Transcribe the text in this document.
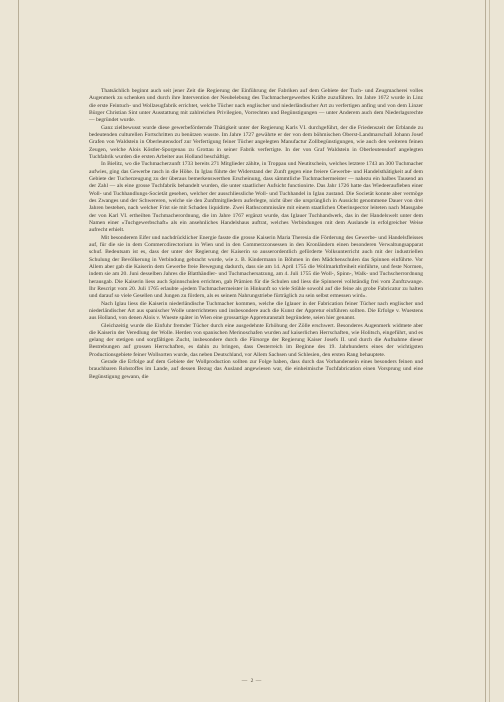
Thatsächlich beginnt auch seit jener Zeit die Regierung der Einführung der Fabriken auf dem Gebiete der Tuch- und Zeugmacherei volles Augenmerk zu schenken und durch ihre Intervention der Neubelebung des Tuchmachergewerbes Kräfte zuzuführen. Im Jahre 1672 wurde in Linz die erste Feintuch- und Wollzeugfabrik errichtet, welche Tücher nach englischer und niederländischer Art zu verfertigen anfing und von dem Linzer Bürger Christian Sint unter Ausstattung mit zahlreichen Privilegien, Vorrechten und Begünstigungen — unter Anderem auch dem Niederlagsrechte — begründet wurde.

Ganz zielbewusst wurde diese gewerbefördernde Thätigkeit unter der Regierung Karls VI. durchgeführt, der die Friedenszeit der Erblande zu bedeutenden culturellen Fortschritten zu benützen wusste. Im Jahre 1727 gewährte er der von dem böhmischen Oberst-Landmarschall Johann Josef Grafen von Waldstein in Oberleutensdorf zur Verfertigung feiner Tücher angelegten Manufactur Zollbegünstigungen, wie auch den weiteren feinen Zeugen, welche Alois Köstler-Sporgenau zu Grottau in seiner Fabrik verfertigte. In der von Graf Waldstein in Oberleutensdorf angelegten Tuchfabrik wurden die ersten Arbeiter aus Holland beschäftigt.

In Bielitz, wo die Tuchmacherzunft 1733 bereits 271 Mitglieder zählte, in Troppau und Neutitschein, welches letztere 1743 an 300 Tuchmacher aufwies, ging das Gewerbe rasch in die Höhe. In Iglau führte der Widerstand der Zunft gegen eine freiere Gewerbe- und Handelsthätigkeit auf dem Gebiete der Tucherzeugung zu der überaus bemerkenswerthen Erscheinung, dass sämmtliche Tuchmachermeister — nahezu ein halbes Tausend an der Zahl — als eine grosse Tuchfabrik behandelt wurden, die unter staatlicher Aufsicht functionirte. Das Jahr 1726 hatte das Wiedeeraufleben einer Woll- und Tuchhandlungs-Societät gesehen, welcher der ausschliessliche Woll- und Tuchhandel in Iglau zustand. Die Societät konnte aber vermöge des Zwanges und der Schwereren, welche sie den Zunftmitgliedern auferlegte, nicht über die ursprünglich in Aussicht genommene Dauer von drei Jahren bestehen, nach welcher Frist sie mit Schaden liquidirte. Zwei Rathscommissäre mit einem staatlichen Oberinspector leiteten nach Massgabe der von Karl VI. ertheilten Tuchmacherordnung, die im Jahre 1767 ergänzt wurde, das Iglauer Tuchhandwerk, das in der Handelswelt unter dem Namen einer »Tuchgewerbschaft« als ein ansehnliches Handelshaus auftrat, welches Verbindungen mit dem Auslande in erfolgreicher Weise aufrecht erhielt.

Mit besonderem Eifer und nachdrücklicher Energie fasste die grosse Kaiserin Maria Theresia die Förderung des Gewerbe- und Handelsfleisses auf, für die sie in dem Commercdirectorium in Wien und in den Commerzconsessen in den Kronländern einen besonderen Verwaltungsapparat schuf. Bedeutsam ist es, dass der unter der Regierung der Kaiserin so ausserordentlich geförderte Volksunterricht auch mit der industriellen Schulung der Bevölkerung in Verbindung gebracht wurde, wie z. B. Kindermann in Böhmen in den Mädchenschulen das Spinnen einführte. Vor Allem aber gab die Kaiserin dem Gewerbe freie Bewegung dadurch, dass sie am 14. April 1755 die Wollmarktfreiheit einführte, und feste Normen, indem sie am 20. Juni desselben Jahres die Blatthändler- und Tuchmachersatzung, am 4. Juli 1755 die Woll-, Spinn-, Walk- und Tuchscherrordnung herausgab. Die Kaiserin liess auch Spinnschulen errichten, gab Prämien für die Schulen und liess die Spinnerei vollständig frei vom Zunftzwange. Ihr Rescript vom 20. Juli 1765 erlaubte »jedem Tuchmachermeister in Hinkunft so viele Stühle sowohl auf die feine als grobe Fabricatur zu halten und darauf so viele Gesellen und Jungen zu fördern, als es seinem Nahrungstriebe fürträglich zu sein selbst ermessen wird«.

Nach Iglau liess die Kaiserin niederländische Tuchmacher kommen, welche die Iglauer in der Fabrication feiner Tücher nach englischer und niederländischer Art aus spanischer Wolle unterrichteten und insbesondere auch die Kunst der Appretur einführen sollten. Die Erfolge v. Wuestens aus Holland, von denen Alois v. Wueste später in Wien eine grossartige Appreturanstalt begründete, seien hier genannt.

Gleichzeitig wurde die Einfuhr fremder Tücher durch eine ausgedehnte Erhöhung der Zölle erschwert. Besonderes Augenmerk widmete aber die Kaiserin der Veredlung der Wolle. Herden von spanischen Merinoschafen wurden auf kaiserlichen Herrschaften, wie Holitsch, eingeführt, und es gelang der stetigen und sorgfältigen Zucht, insbesondere durch die Fürsorge der Regierung Kaiser Josefs II. und durch die Aufnahme dieser Bestrebungen auf grossen Herrschaften, es dahin zu bringen, dass Oesterreich im Beginne des 19. Jahrhunderts eines der wichtigsten Productionsgebiete feiner Wollsorten wurde, das neben Deutschland, vor Allem Sachsen und Schlesien, den ersten Rang behauptete.

Gerade die Erfolge auf dem Gebiete der Wollproduction sollten zur Folge haben, dass durch das Vorhandensein eines besonders feinen und brauchbaren Rohstoffes im Lande, auf dessen Bezug das Ausland angewiesen war, die einheimische Tuchfabrication einen Vorsprung und eine Begünstigung gewann, die

— 2 —
